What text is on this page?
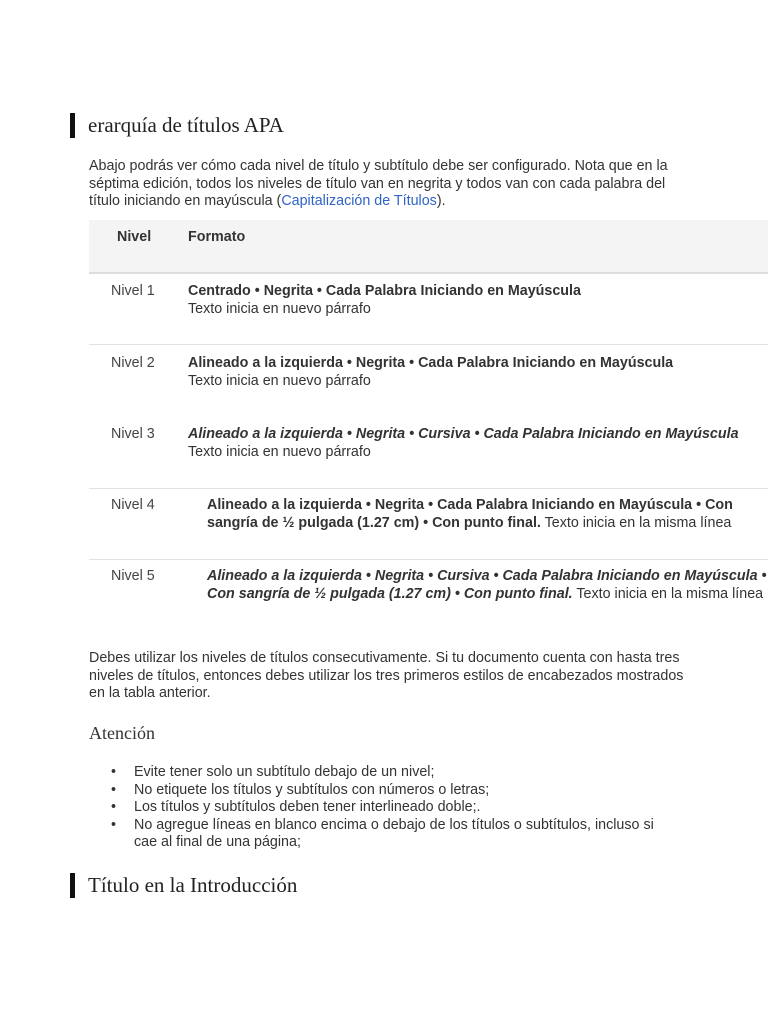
erarquía de títulos APA

Abajo podrás ver cómo cada nivel de título y subtítulo debe ser configurado. Nota que en la séptima edición, todos los niveles de título van en negrita y todos van con cada palabra del título iniciando en mayúscula (Capitalización de Títulos).

Nivel	Formato
Nivel 1 Centrado • Negrita • Cada Palabra Iniciando en Mayúscula
Texto inicia en nuevo párrafo
Nivel 2 Alineado a la izquierda • Negrita • Cada Palabra Iniciando en Mayúscula
Texto inicia en nuevo párrafo
Nivel 3 Alineado a la izquierda • Negrita • Cursiva • Cada Palabra Iniciando en Mayúscula
Texto inicia en nuevo párrafo
Nivel 4	Alineado a la izquierda • Negrita • Cada Palabra Iniciando en Mayúscula • Con sangría de ½ pulgada (1.27 cm) • Con punto final. Texto inicia en la misma línea
Nivel 5	Alineado a la izquierda • Negrita • Cursiva • Cada Palabra Iniciando en Mayúscula • Con sangría de ½ pulgada (1.27 cm) • Con punto final. Texto inicia en la misma línea

Debes utilizar los niveles de títulos consecutivamente. Si tu documento cuenta con hasta tres niveles de títulos, entonces debes utilizar los tres primeros estilos de encabezados mostrados en la tabla anterior.

Atención
• Evite tener solo un subtítulo debajo de un nivel;
• No etiquete los títulos y subtítulos con números o letras;
• Los títulos y subtítulos deben tener interlineado doble;.
• No agregue líneas en blanco encima o debajo de los títulos o subtítulos, incluso si cae al final de una página;
Título en la Introducción
